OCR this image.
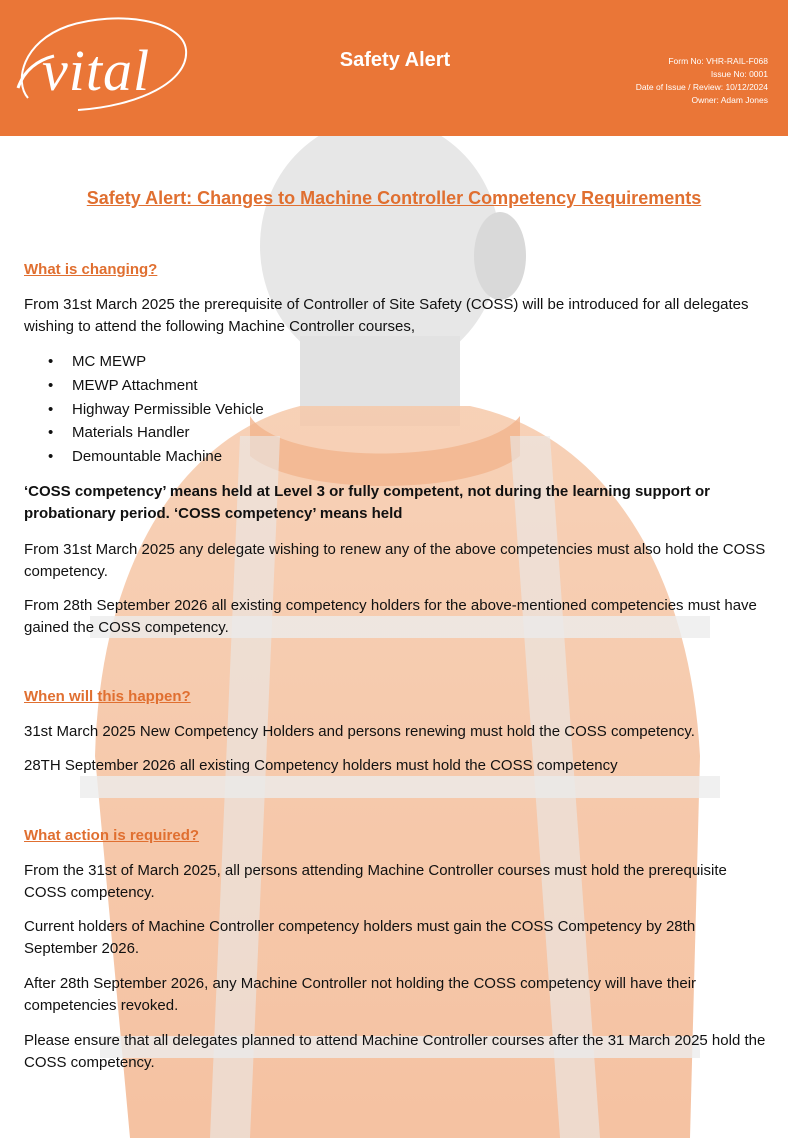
vital	Safety Alert	Form No: VHR-RAIL-F068
Issue No: 0001
Date of Issue / Review: 10/12/2024
Owner: Adam Jones
Safety Alert: Changes to Machine Controller Competency Requirements
What is changing?

From 31st March 2025 the prerequisite of Controller of Site Safety (COSS) will be introduced for all delegates wishing to attend the following Machine Controller courses,

• MC MEWP
• MEWP Attachment
• Highway Permissible Vehicle
• Materials Handler
• Demountable Machine

‘COSS competency’ means held at Level 3 or fully competent, not during the learning support or probationary period. ‘COSS competency’ means held

From 31st March 2025 any delegate wishing to renew any of the above competencies must also hold the COSS competency.

From 28th September 2026 all existing competency holders for the above-mentioned competencies must have gained the COSS competency.

When will this happen?

31st March 2025 New Competency Holders and persons renewing must hold the COSS competency.

28TH September 2026 all existing Competency holders must hold the COSS competency

What action is required?

From the 31st of March 2025, all persons attending Machine Controller courses must hold the prerequisite COSS competency.

Current holders of Machine Controller competency holders must gain the COSS Competency by 28th September 2026.

After 28th September 2026, any Machine Controller not holding the COSS competency will have their competencies revoked.

Please ensure that all delegates planned to attend Machine Controller courses after the 31 March 2025 hold the COSS competency.
